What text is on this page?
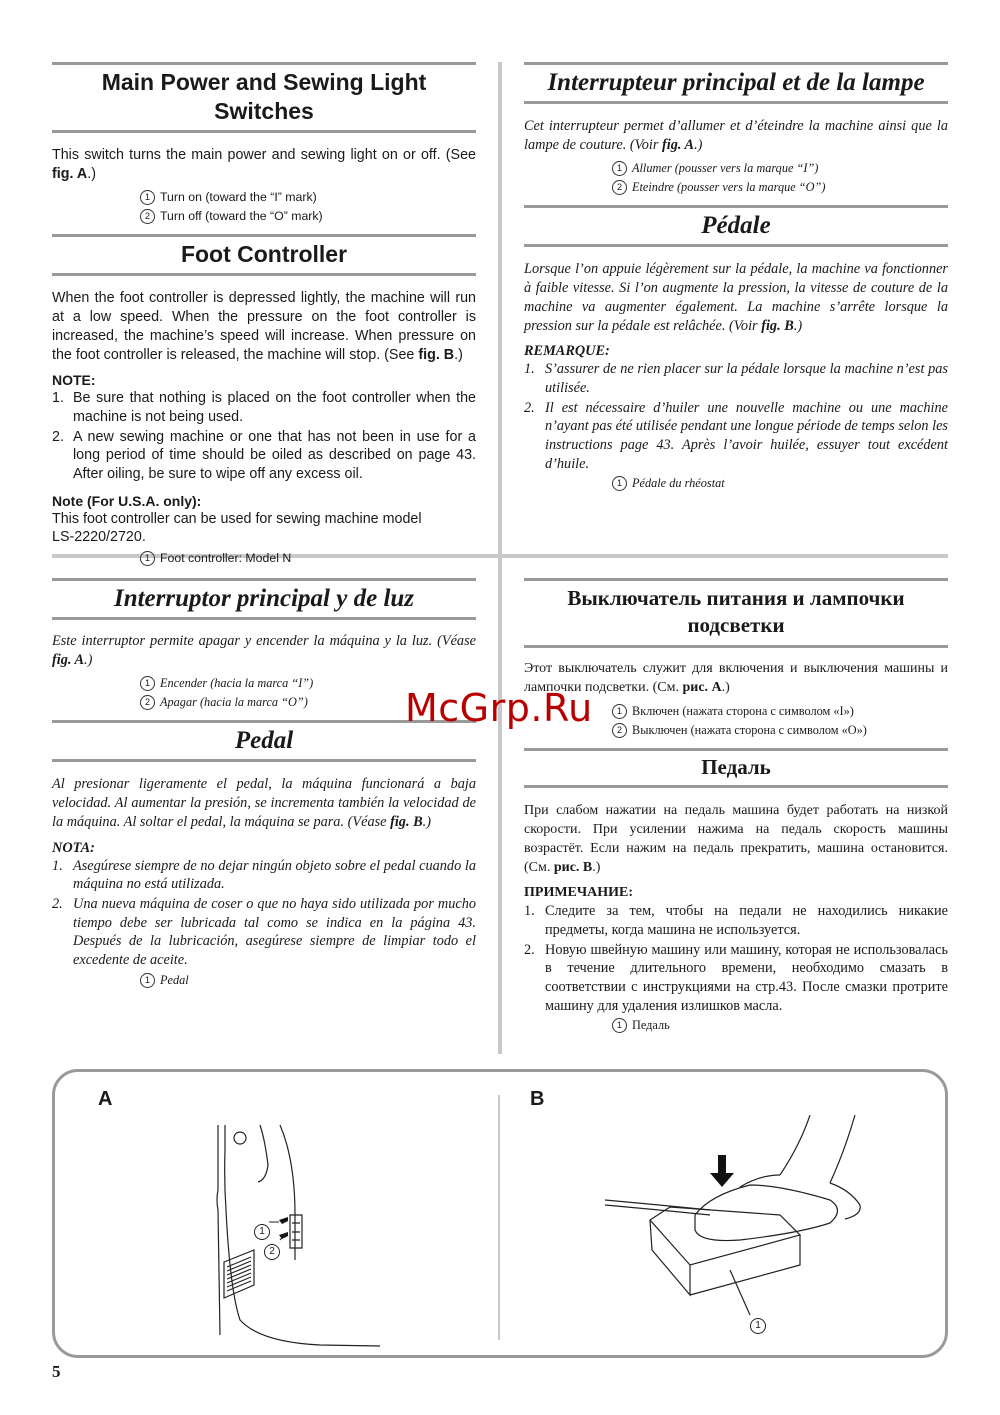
Main Power and Sewing Light Switches

This switch turns the main power and sewing light on or off. (See fig. A.)

1 Turn on (toward the “I” mark)
2 Turn off (toward the “O” mark)
Foot Controller

When the foot controller is depressed lightly, the machine will run at a low speed. When the pressure on the foot controller is increased, the machine’s speed will increase. When pressure on the foot controller is released, the machine will stop. (See fig. B.)

NOTE:
1. Be sure that nothing is placed on the foot controller when the machine is not being used.
2. A new sewing machine or one that has not been in use for a long period of time should be oiled as described on page 43. After oiling, be sure to wipe off any excess oil.
Note (For U.S.A. only):

This foot controller can be used for sewing machine model LS-2220/2720.

1 Foot controller: Model N
Interrupteur principal et de la lampe

Cet interrupteur permet d’allumer et d’éteindre la machine ainsi que la lampe de couture. (Voir fig. A.)

1 Allumer (pousser vers la marque “I”)
2 Eteindre (pousser vers la marque “O”)
Pédale

Lorsque l’on appuie légèrement sur la pédale, la machine va fonctionner à faible vitesse. Si l’on augmente la pression, la vitesse de couture de la machine va augmenter également. La machine s’arrête lorsque la pression sur la pédale est relâchée. (Voir fig. B.)

REMARQUE:
1. S’assurer de ne rien placer sur la pédale lorsque la machine n’est pas utilisée.
2. Il est nécessaire d’huiler une nouvelle machine ou une machine n’ayant pas été utilisée pendant une longue période de temps selon les instructions page 43. Après l’avoir huilée, essuyer tout excédent d’huile.
1 Pédale du rhéostat
Interruptor principal y de luz

Este interruptor permite apagar y encender la máquina y la luz. (Véase fig. A.)

1 Encender (hacia la marca “I”)
2 Apagar (hacia la marca “O”)
Pedal

Al presionar ligeramente el pedal, la máquina funcionará a baja velocidad. Al aumentar la presión, se incrementa también la velocidad de la máquina. Al soltar el pedal, la máquina se para. (Véase fig. B.)

NOTA:
1. Asegúrese siempre de no dejar ningún objeto sobre el pedal cuando la máquina no está utilizada.
2. Una nueva máquina de coser o que no haya sido utilizada por mucho tiempo debe ser lubricada tal como se indica en la página 43. Después de la lubricación, asegúrese siempre de limpiar todo el excedente de aceite.
1 Pedal
Выключатель питания и лампочки подсветки

Этот выключатель служит для включения и выключения машины и лампочки подсветки. (См. рис. A.)

1 Включен (нажата сторона с символом «I»)
2 Выключен (нажата сторона с символом «O»)
Педаль

При слабом нажатии на педаль машина будет работать на низкой скорости. При усилении нажима на педаль скорость машины возрастёт. Если нажим на педаль прекратить, машина остановится. (См. рис. B.)

ПРИМЕЧАНИЕ:
1. Следите за тем, чтобы на педали не находились никакие предметы, когда машина не используется.
2. Новую швейную машину или машину, которая не использовалась в течение длительного времени, необходимо смазать в соответствии с инструкциями на стр.43. После смазки протрите машину для удаления излишков масла.
1 Педаль
McGrp.Ru
A	B
1
2
1
5
